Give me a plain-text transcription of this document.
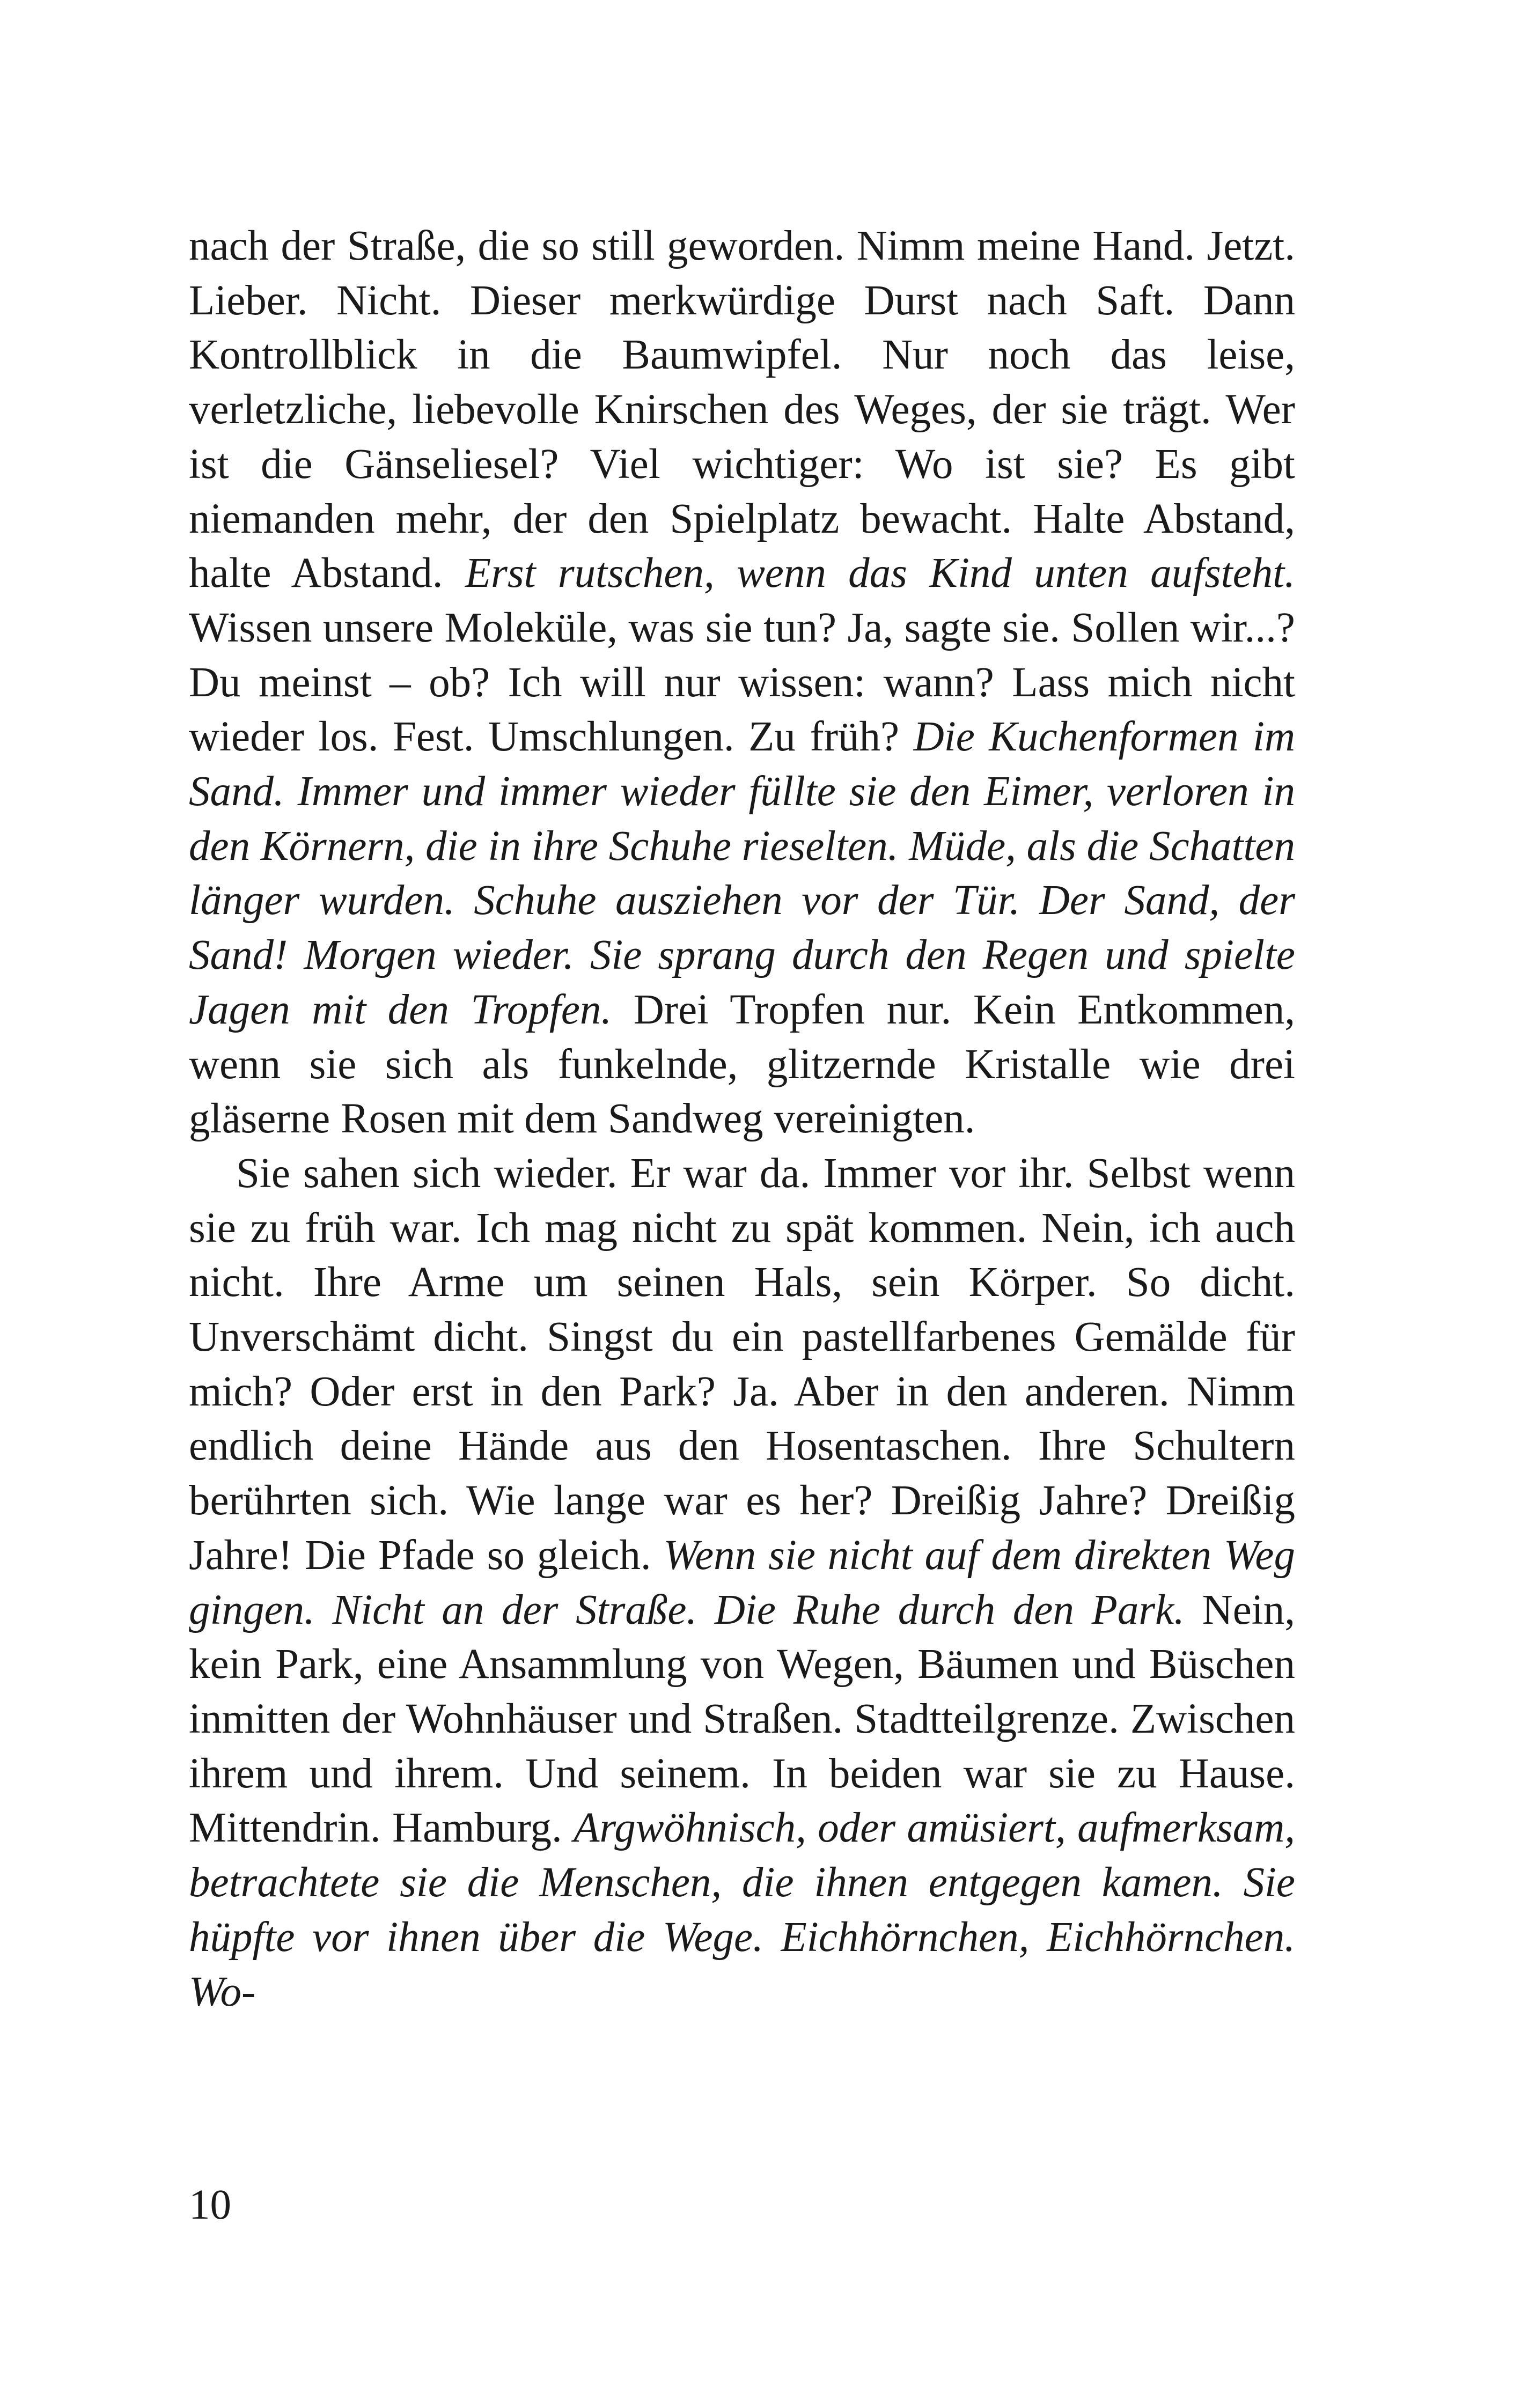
nach der Straße, die so still geworden. Nimm meine Hand. Jetzt. Lieber. Nicht. Dieser merkwürdige Durst nach Saft. Dann Kontrollblick in die Baumwipfel. Nur noch das leise, verletzliche, liebevolle Knirschen des Weges, der sie trägt. Wer ist die Gänseliesel? Viel wichtiger: Wo ist sie? Es gibt niemanden mehr, der den Spielplatz bewacht. Halte Abstand, halte Abstand. Erst rutschen, wenn das Kind unten aufsteht. Wissen unsere Moleküle, was sie tun? Ja, sagte sie. Sollen wir...? Du meinst – ob? Ich will nur wissen: wann? Lass mich nicht wieder los. Fest. Umschlungen. Zu früh? Die Kuchenformen im Sand. Immer und immer wieder füllte sie den Eimer, verloren in den Körnern, die in ihre Schuhe rieselten. Müde, als die Schatten länger wurden. Schuhe ausziehen vor der Tür. Der Sand, der Sand! Morgen wieder. Sie sprang durch den Regen und spielte Jagen mit den Tropfen. Drei Tropfen nur. Kein Entkommen, wenn sie sich als funkelnde, glitzernde Kristalle wie drei gläserne Rosen mit dem Sandweg vereinigten.

Sie sahen sich wieder. Er war da. Immer vor ihr. Selbst wenn sie zu früh war. Ich mag nicht zu spät kommen. Nein, ich auch nicht. Ihre Arme um seinen Hals, sein Körper. So dicht. Unverschämt dicht. Singst du ein pastellfarbenes Gemälde für mich? Oder erst in den Park? Ja. Aber in den anderen. Nimm endlich deine Hände aus den Hosentaschen. Ihre Schultern berührten sich. Wie lange war es her? Dreißig Jahre? Dreißig Jahre! Die Pfade so gleich. Wenn sie nicht auf dem direkten Weg gingen. Nicht an der Straße. Die Ruhe durch den Park. Nein, kein Park, eine Ansammlung von Wegen, Bäumen und Büschen inmitten der Wohnhäuser und Straßen. Stadtteilgrenze. Zwischen ihrem und ihrem. Und seinem. In beiden war sie zu Hause. Mittendrin. Hamburg. Argwöhnisch, oder amüsiert, aufmerksam, betrachtete sie die Menschen, die ihnen entgegen kamen. Sie hüpfte vor ihnen über die Wege. Eichhörnchen, Eichhörnchen. Wo-

10
